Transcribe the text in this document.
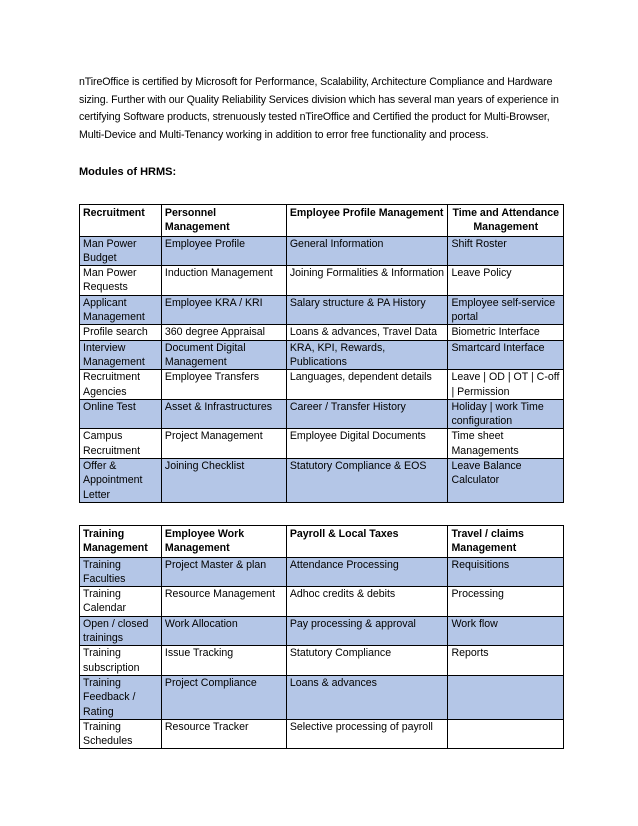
nTireOffice is certified by Microsoft for Performance, Scalability, Architecture Compliance and Hardware sizing. Further with our Quality Reliability Services division which has several man years of experience in certifying Software products, strenuously tested nTireOffice and Certified the product for Multi-Browser, Multi-Device and Multi-Tenancy working in addition to error free functionality and process.

Modules of HRMS:
Recruitment	Personnel Management	Employee Profile Management	Time and Attendance Management
Man Power Budget	Employee Profile	General Information	Shift Roster
Man Power Requests	Induction Management	Joining Formalities & Information	Leave Policy
Applicant Management	Employee KRA / KRI	Salary structure & PA History	Employee self-service portal
Profile search	360 degree Appraisal	Loans & advances, Travel Data	Biometric Interface
Interview Management	Document Digital Management	KRA, KPI, Rewards, Publications	Smartcard Interface
Recruitment Agencies	Employee Transfers	Languages, dependent details	Leave | OD | OT | C-off | Permission
Online Test	Asset & Infrastructures	Career / Transfer History	Holiday | work Time configuration
Campus Recruitment	Project Management	Employee Digital Documents	Time sheet Managements
Offer & Appointment Letter	Joining Checklist	Statutory Compliance & EOS	Leave Balance Calculator
Training Management	Employee Work Management	Payroll & Local Taxes	Travel / claims Management
Training Faculties	Project Master & plan	Attendance Processing	Requisitions
Training Calendar	Resource Management	Adhoc credits & debits	Processing
Open / closed trainings	Work Allocation	Pay processing & approval	Work flow
Training subscription	Issue Tracking	Statutory Compliance	Reports
Training Feedback / Rating	Project Compliance	Loans & advances	
Training Schedules	Resource Tracker	Selective processing of payroll	
